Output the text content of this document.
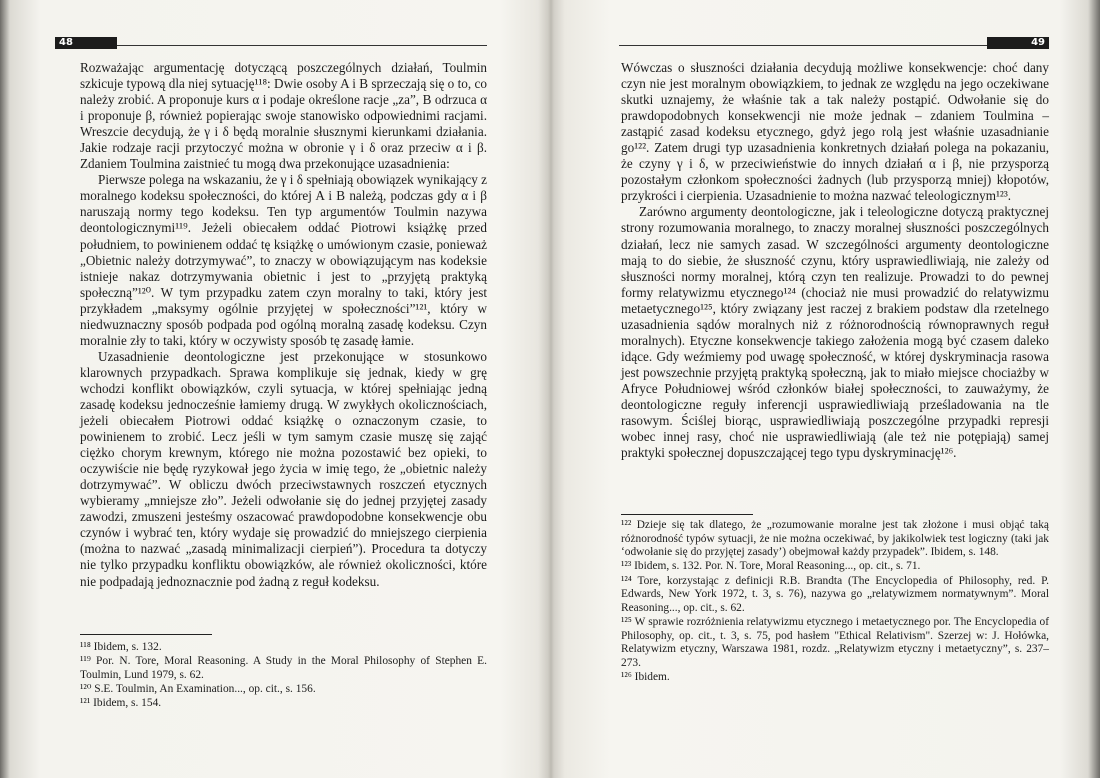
48

Rozważając argumentację dotyczącą poszczególnych działań, Toulmin szkicuje typową dla niej sytuację¹¹⁸: Dwie osoby A i B sprzeczają się o to, co należy zrobić. A proponuje kurs α i podaje określone racje „za”, B odrzuca α i proponuje β, również popierając swoje stanowisko odpowiednimi racjami. Wreszcie decydują, że γ i δ będą moralnie słusznymi kierunkami działania. Jakie rodzaje racji przytoczyć można w obronie γ i δ oraz przeciw α i β. Zdaniem Toulmina zaistnieć tu mogą dwa przekonujące uzasadnienia:

Pierwsze polega na wskazaniu, że γ i δ spełniają obowiązek wynikający z moralnego kodeksu społeczności, do której A i B należą, podczas gdy α i β naruszają normy tego kodeksu. Ten typ argumentów Toulmin nazywa deontologicznymi¹¹⁹. Jeżeli obiecałem oddać Piotrowi książkę przed południem, to powinienem oddać tę książkę o umówionym czasie, ponieważ „Obietnic należy dotrzymywać”, to znaczy w obowiązującym nas kodeksie istnieje nakaz dotrzymywania obietnic i jest to „przyjętą praktyką społeczną”¹²⁰. W tym przypadku zatem czyn moralny to taki, który jest przykładem „maksymy ogólnie przyjętej w społeczności”¹²¹, który w niedwuznaczny sposób podpada pod ogólną moralną zasadę kodeksu. Czyn moralnie zły to taki, który w oczywisty sposób tę zasadę łamie.

Uzasadnienie deontologiczne jest przekonujące w stosunkowo klarownych przypadkach. Sprawa komplikuje się jednak, kiedy w grę wchodzi konflikt obowiązków, czyli sytuacja, w której spełniając jedną zasadę kodeksu jednocześnie łamiemy drugą. W zwykłych okolicznościach, jeżeli obiecałem Piotrowi oddać książkę o oznaczonym czasie, to powinienem to zrobić. Lecz jeśli w tym samym czasie muszę się zająć ciężko chorym krewnym, którego nie można pozostawić bez opieki, to oczywiście nie będę ryzykował jego życia w imię tego, że „obietnic należy dotrzymywać”. W obliczu dwóch przeciwstawnych roszczeń etycznych wybieramy „mniejsze zło”. Jeżeli odwołanie się do jednej przyjętej zasady zawodzi, zmuszeni jesteśmy oszacować prawdopodobne konsekwencje obu czynów i wybrać ten, który wydaje się prowadzić do mniejszego cierpienia (można to nazwać „zasadą minimalizacji cierpień”). Procedura ta dotyczy nie tylko przypadku konfliktu obowiązków, ale również okoliczności, które nie podpadają jednoznacznie pod żadną z reguł kodeksu.

¹¹⁸ Ibidem, s. 132.

¹¹⁹ Por. N. Tore, Moral Reasoning. A Study in the Moral Philosophy of Stephen E. Toulmin, Lund 1979, s. 62.

¹²⁰ S.E. Toulmin, An Examination..., op. cit., s. 156.

¹²¹ Ibidem, s. 154.

49

Wówczas o słuszności działania decydują możliwe konsekwencje: choć dany czyn nie jest moralnym obowiązkiem, to jednak ze względu na jego oczekiwane skutki uznajemy, że właśnie tak a tak należy postąpić. Odwołanie się do prawdopodobnych konsekwencji nie może jednak – zdaniem Toulmina – zastąpić zasad kodeksu etycznego, gdyż jego rolą jest właśnie uzasadnianie go¹²². Zatem drugi typ uzasadnienia konkretnych działań polega na pokazaniu, że czyny γ i δ, w przeciwieństwie do innych działań α i β, nie przysporzą pozostałym członkom społeczności żadnych (lub przysporzą mniej) kłopotów, przykrości i cierpienia. Uzasadnienie to można nazwać teleologicznym¹²³.

Zarówno argumenty deontologiczne, jak i teleologiczne dotyczą praktycznej strony rozumowania moralnego, to znaczy moralnej słuszności poszczególnych działań, lecz nie samych zasad. W szczególności argumenty deontologiczne mają to do siebie, że słuszność czynu, który usprawiedliwiają, nie zależy od słuszności normy moralnej, którą czyn ten realizuje. Prowadzi to do pewnej formy relatywizmu etycznego¹²⁴ (chociaż nie musi prowadzić do relatywizmu metaetycznego¹²⁵, który związany jest raczej z brakiem podstaw dla rzetelnego uzasadnienia sądów moralnych niż z różnorodnością równoprawnych reguł moralnych). Etyczne konsekwencje takiego założenia mogą być czasem daleko idące. Gdy weźmiemy pod uwagę społeczność, w której dyskryminacja rasowa jest powszechnie przyjętą praktyką społeczną, jak to miało miejsce chociażby w Afryce Południowej wśród członków białej społeczności, to zauważymy, że deontologiczne reguły inferencji usprawiedliwiają prześladowania na tle rasowym. Ściślej biorąc, usprawiedliwiają poszczególne przypadki represji wobec innej rasy, choć nie usprawiedliwiają (ale też nie potępiają) samej praktyki społecznej dopuszczającej tego typu dyskryminację¹²⁶.

¹²² Dzieje się tak dlatego, że „rozumowanie moralne jest tak złożone i musi objąć taką różnorodność typów sytuacji, że nie można oczekiwać, by jakikolwiek test logiczny (taki jak ‘odwołanie się do przyjętej zasady’) obejmował każdy przypadek”. Ibidem, s. 148.

¹²³ Ibidem, s. 132. Por. N. Tore, Moral Reasoning..., op. cit., s. 71.

¹²⁴ Tore, korzystając z definicji R.B. Brandta (The Encyclopedia of Philosophy, red. P. Edwards, New York 1972, t. 3, s. 76), nazywa go „relatywizmem normatywnym”. Moral Reasoning..., op. cit., s. 62.

¹²⁵ W sprawie rozróżnienia relatywizmu etycznego i metaetycznego por. The Encyclopedia of Philosophy, op. cit., t. 3, s. 75, pod hasłem "Ethical Relativism". Szerzej w: J. Hołówka, Relatywizm etyczny, Warszawa 1981, rozdz. „Relatywizm etyczny i metaetyczny”, s. 237–273.

¹²⁶ Ibidem.
